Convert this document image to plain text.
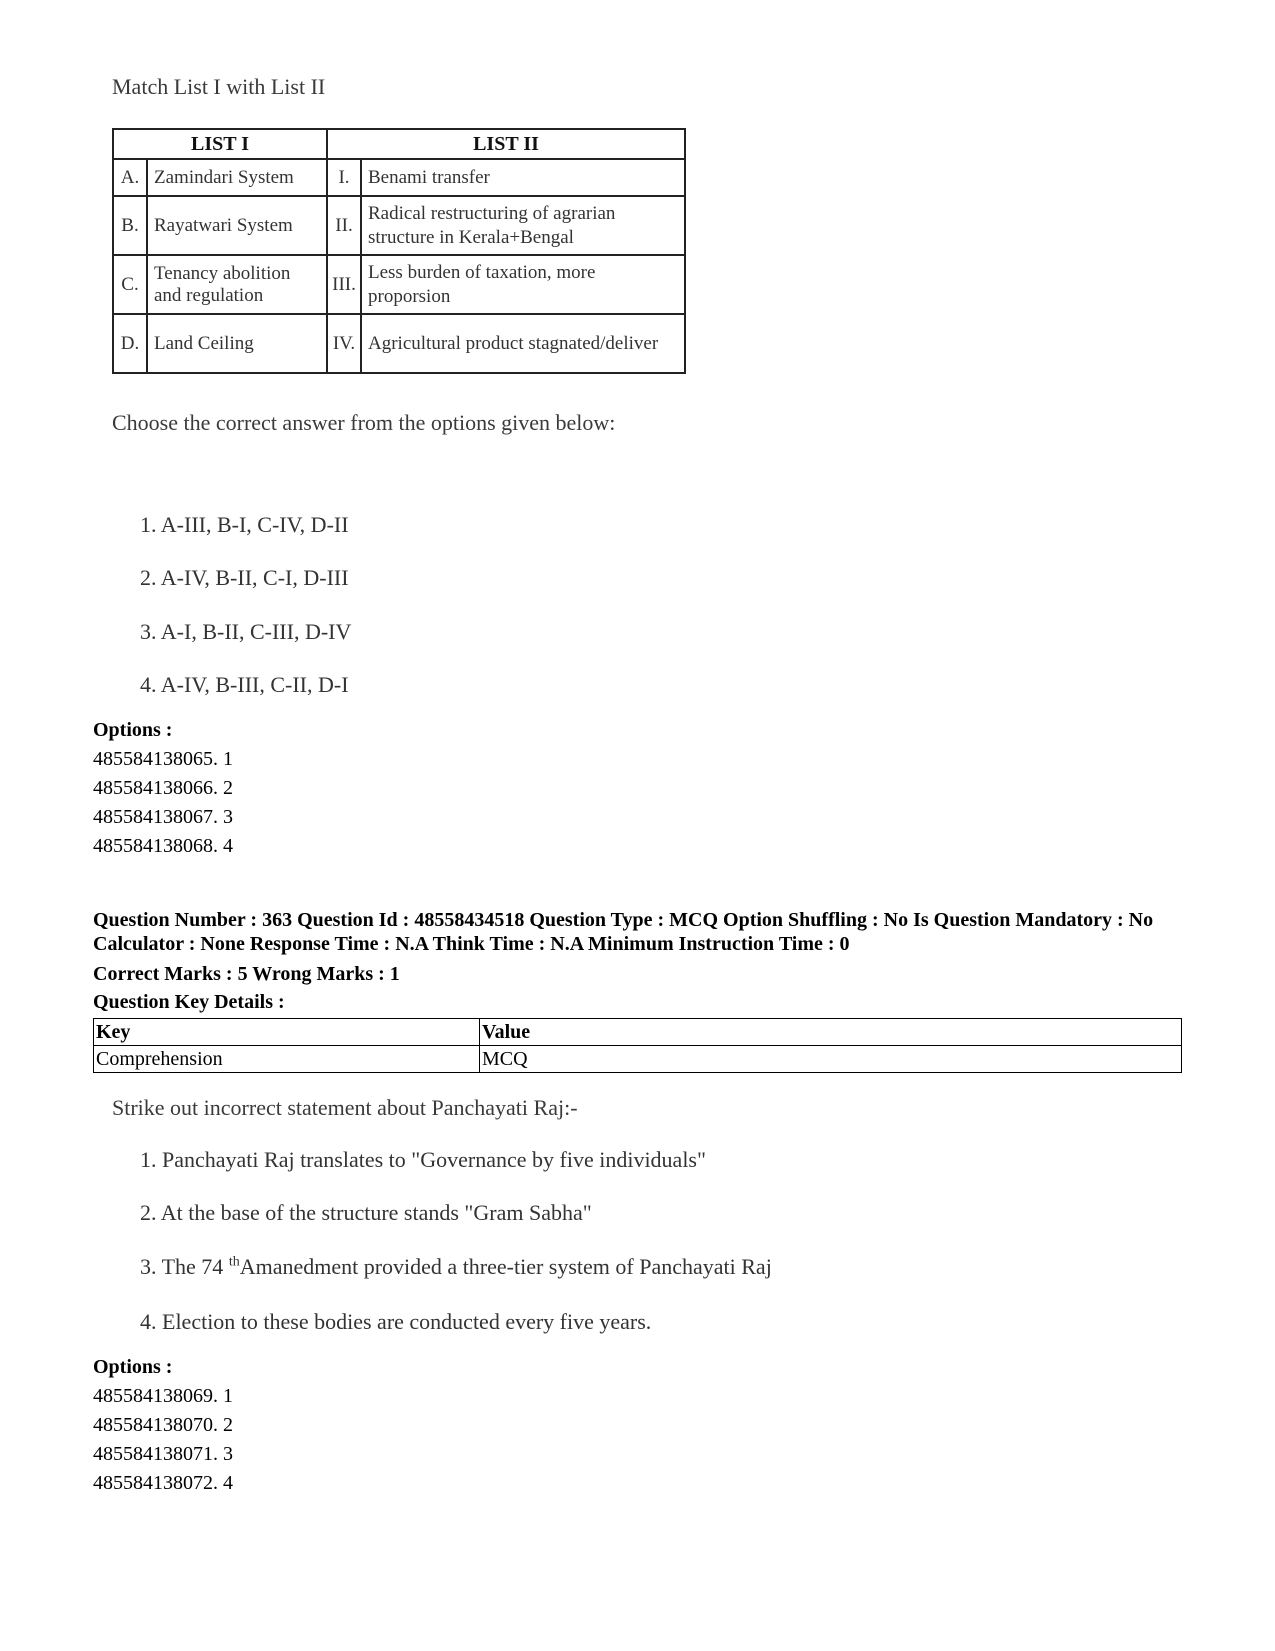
Match List I with List II
LIST I		LIST II	
A.	Zamindari System	I.	Benami transfer
B.	Rayatwari System	II.	Radical restructuring of agrarian structure in Kerala+Bengal
C.	Tenancy abolition and regulation	III.	Less burden of taxation, more proporsion
D.	Land Ceiling	IV.	Agricultural product stagnated/deliver
Choose the correct answer from the options given below:
1. A-III, B-I, C-IV, D-II
2. A-IV, B-II, C-I, D-III
3. A-I, B-II, C-III, D-IV
4. A-IV, B-III, C-II, D-I
Options :
485584138065. 1
485584138066. 2
485584138067. 3
485584138068. 4
Question Number : 363 Question Id : 48558434518 Question Type : MCQ Option Shuffling : No Is Question Mandatory : No Calculator : None Response Time : N.A Think Time : N.A Minimum Instruction Time : 0
Correct Marks : 5 Wrong Marks : 1
Question Key Details :
Key	Value
Comprehension	MCQ
Strike out incorrect statement about Panchayati Raj:-
1. Panchayati Raj translates to "Governance by five individuals"
2. At the base of the structure stands "Gram Sabha"
3. The 74 $^{th}$Amanedment provided a three-tier system of Panchayati Raj
4. Election to these bodies are conducted every five years.
Options :
485584138069. 1
485584138070. 2
485584138071. 3
485584138072. 4
